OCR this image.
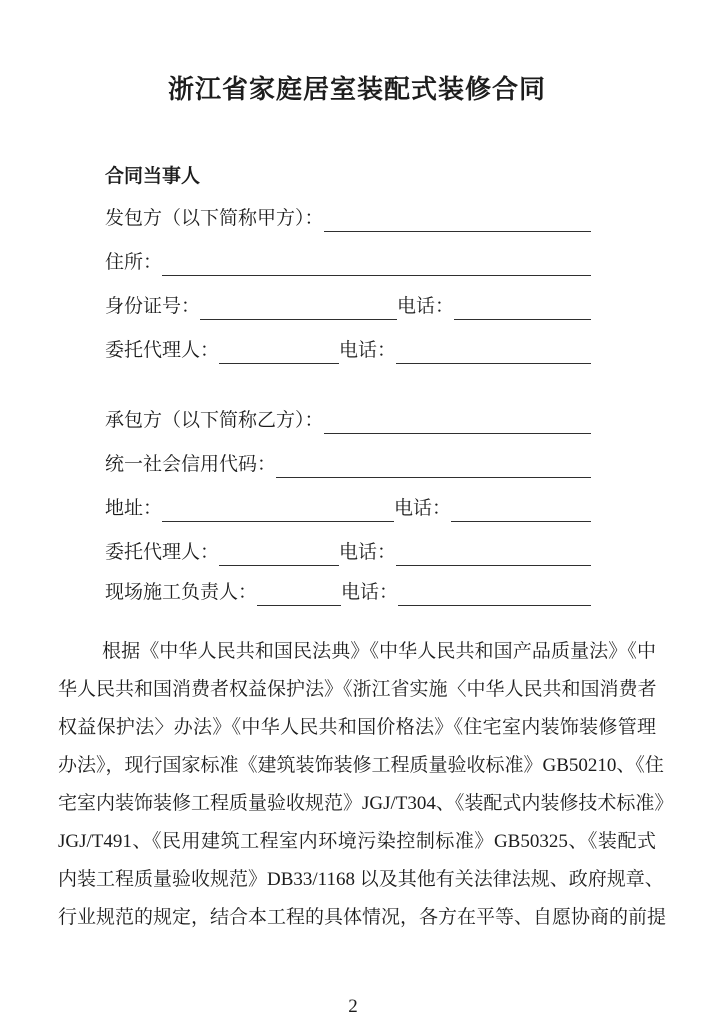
浙江省家庭居室装配式装修合同
合同当事人
发包方（以下简称甲方）：
住所：
身份证号：	电话：
委托代理人：	电话：
承包方（以下简称乙方）：
统一社会信用代码：
地址：	电话：
委托代理人：	电话：
现场施工负责人：	电话：
根据《中华人民共和国民法典》《中华人民共和国产品质量法》《中
华人民共和国消费者权益保护法》《浙江省实施〈中华人民共和国消费者
权益保护法〉办法》《中华人民共和国价格法》《住宅室内装饰装修管理
办法》，现行国家标准《建筑装饰装修工程质量验收标准》GB50210、《住
宅室内装饰装修工程质量验收规范》JGJ/T304、《装配式内装修技术标准》
JGJ/T491、《民用建筑工程室内环境污染控制标准》GB50325、《装配式
内装工程质量验收规范》DB33/1168 以及其他有关法律法规、政府规章、
行业规范的规定，结合本工程的具体情况，各方在平等、自愿协商的前提
2
